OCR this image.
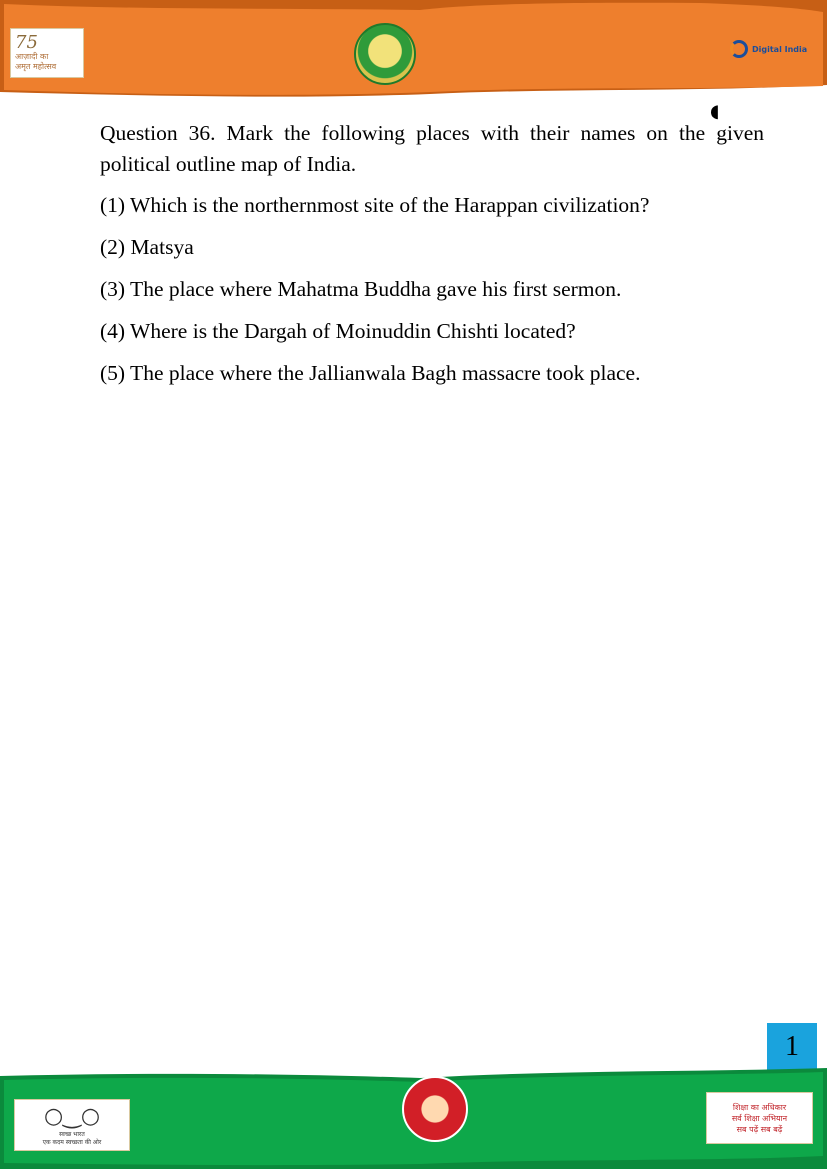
75
आज़ादी का
अमृत महोत्सव
Digital India
◖

Question 36. Mark the following places with their names on the given political outline map of India.

(1) Which is the northernmost site of the Harappan civilization?

(2) Matsya

(3) The place where Mahatma Buddha gave his first sermon.

(4) Where is the Dargah of Moinuddin Chishti located?

(5) The place where the Jallianwala Bagh massacre took place.

1
○‿○
स्वच्छ भारत
एक कदम स्वच्छता की ओर
शिक्षा का अधिकार
सर्व शिक्षा अभियान
सब पढ़ें सब बढ़ें
